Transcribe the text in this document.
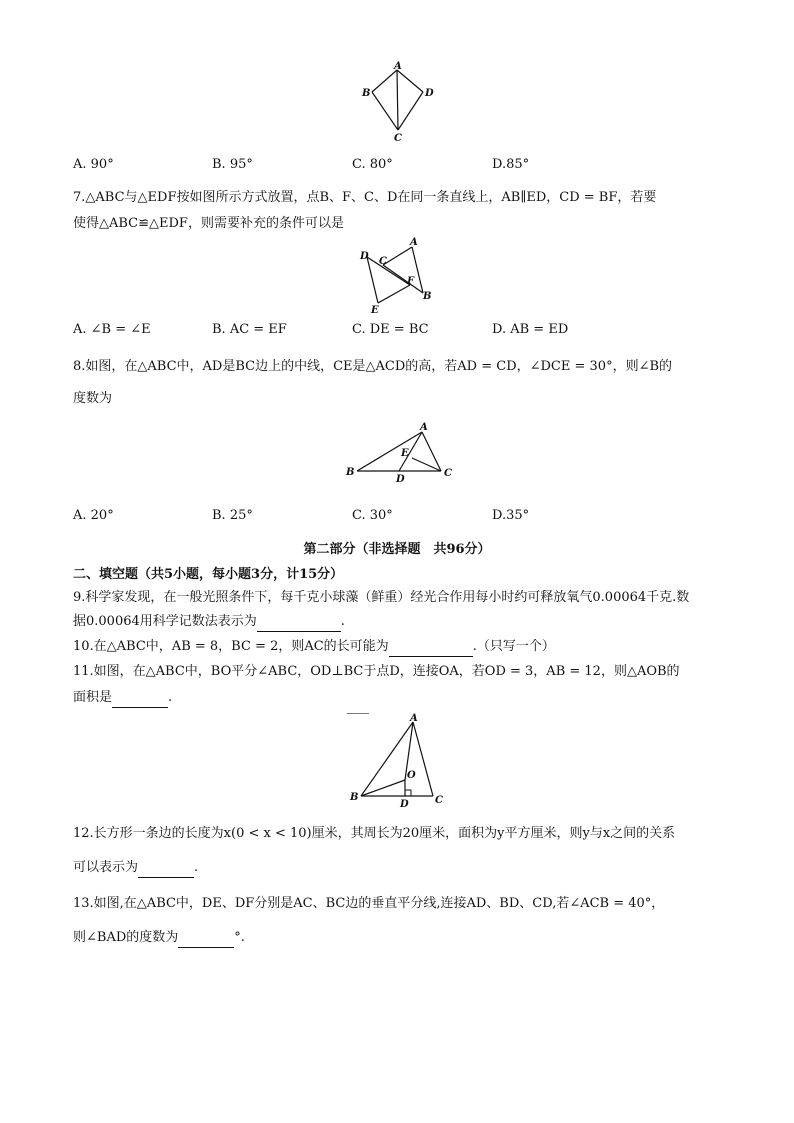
A
B	D
C
A. 90°	B. 95°	C. 80°	D.85°
7.△ABC与△EDF按如图所示方式放置，点B、F、C、D在同一条直线上，AB∥ED，CD = BF，若要
使得△ABC≌△EDF，则需要补充的条件可以是
A
D C
F
B
E
A. ∠B = ∠E	B. AC = EF	C. DE = BC	D. AB = ED
8.如图，在△ABC中，AD是BC边上的中线，CE是△ACD的高，若AD = CD，∠DCE = 30°，则∠B的
度数为
A
E
B	C
D
A. 20°	B. 25°	C. 30°	D.35°
第二部分（非选择题　共96分）
二、填空题（共5小题，每小题3分，计15分）
9.科学家发现，在一般光照条件下，每千克小球藻（鲜重）经光合作用每小时约可释放氧气0.00064千克.数
据0.00064用科学记数法表示为	.
10.在△ABC中，AB = 8，BC = 2，则AC的长可能为	.（只写一个）
11.如图，在△ABC中，BO平分∠ABC，OD⊥BC于点D，连接OA，若OD = 3，AB = 12，则△AOB的
面积是	.
A
O
B
D	C
12.长方形一条边的长度为x(0 < x < 10)厘米，其周长为20厘米，面积为y平方厘米，则y与x之间的关系
可以表示为	.
13.如图,在△ABC中，DE、DF分别是AC、BC边的垂直平分线,连接AD、BD、CD,若∠ACB = 40°，
则∠BAD的度数为	°.
